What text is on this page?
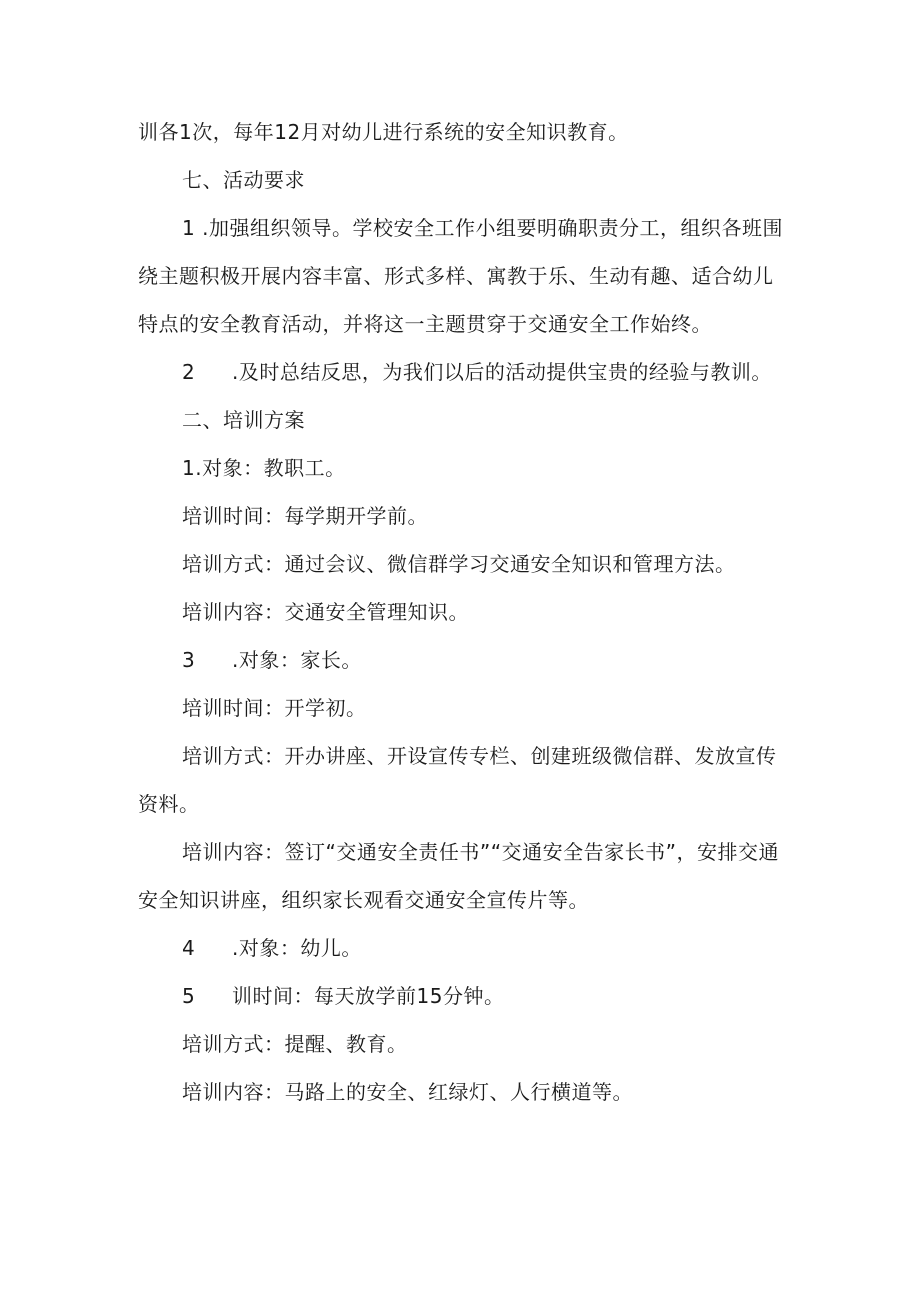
训各1次，每年12月对幼儿进行系统的安全知识教育。

七、活动要求

1 .加强组织领导。学校安全工作小组要明确职责分工，组织各班围绕主题积极开展内容丰富、形式多样、寓教于乐、生动有趣、适合幼儿特点的安全教育活动，并将这一主题贯穿于交通安全工作始终。

2	.及时总结反思，为我们以后的活动提供宝贵的经验与教训。

二、培训方案

1.对象：教职工。

培训时间：每学期开学前。

培训方式：通过会议、微信群学习交通安全知识和管理方法。

培训内容：交通安全管理知识。

3	.对象：家长。

培训时间：开学初。

培训方式：开办讲座、开设宣传专栏、创建班级微信群、发放宣传资料。

培训内容：签订“交通安全责任书”“交通安全告家长书”，安排交通安全知识讲座，组织家长观看交通安全宣传片等。

4	.对象：幼儿。

5	训时间：每天放学前15分钟。

培训方式：提醒、教育。

培训内容：马路上的安全、红绿灯、人行横道等。
